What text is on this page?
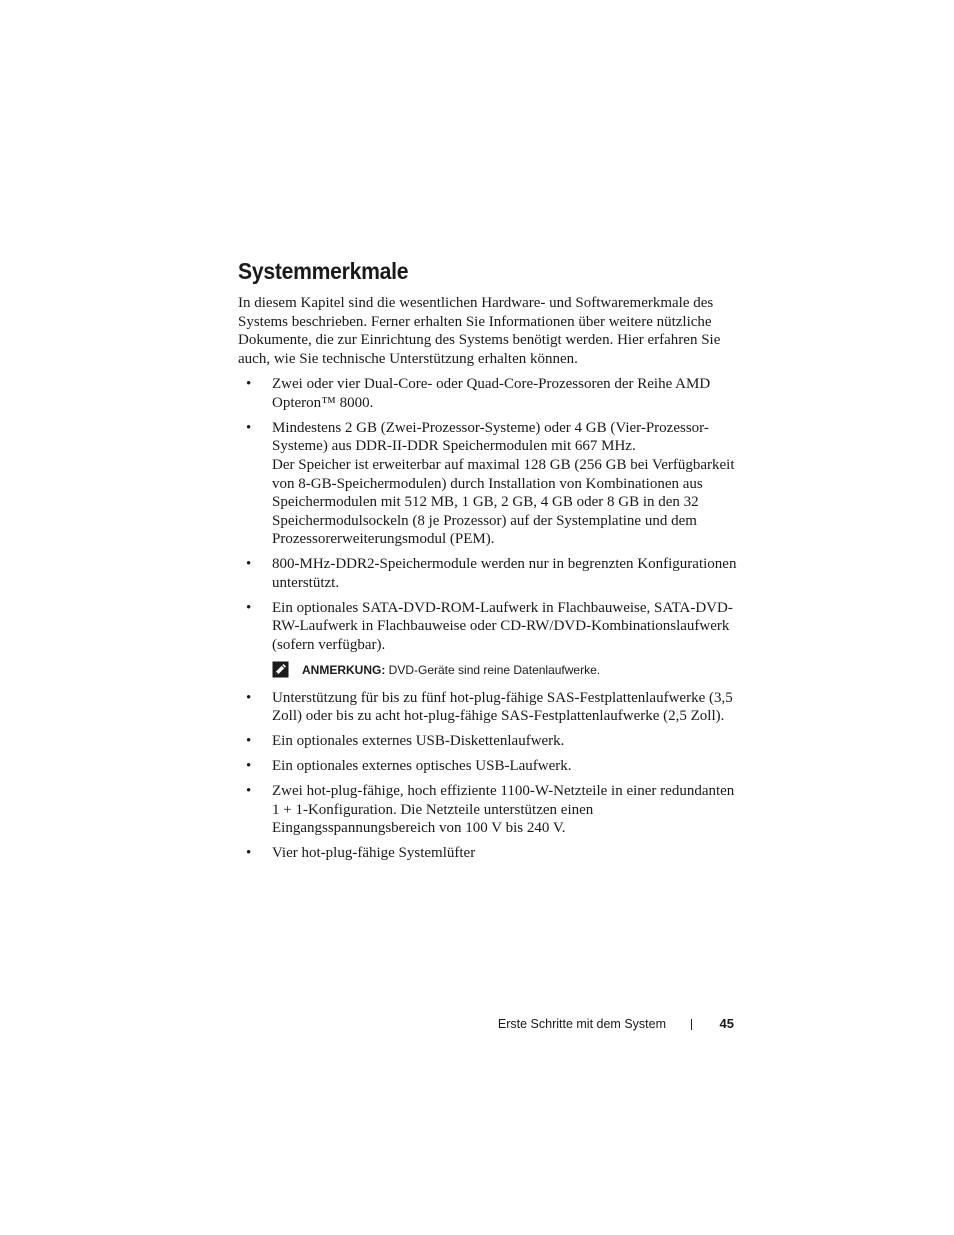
Systemmerkmale

In diesem Kapitel sind die wesentlichen Hardware- und Softwaremerkmale des Systems beschrieben. Ferner erhalten Sie Informationen über weitere nützliche Dokumente, die zur Einrichtung des Systems benötigt werden. Hier erfahren Sie auch, wie Sie technische Unterstützung erhalten können.

• Zwei oder vier Dual-Core- oder Quad-Core-Prozessoren der Reihe AMD Opteron™ 8000.
• Mindestens 2 GB (Zwei-Prozessor-Systeme) oder 4 GB (Vier-Prozessor-Systeme) aus DDR-II-DDR Speichermodulen mit 667 MHz.
Der Speicher ist erweiterbar auf maximal 128 GB (256 GB bei Verfügbarkeit von 8-GB-Speichermodulen) durch Installation von Kombinationen aus Speichermodulen mit 512 MB, 1 GB, 2 GB, 4 GB oder 8 GB in den 32 Speichermodulsockeln (8 je Prozessor) auf der Systemplatine und dem Prozessorerweiterungsmodul (PEM).
• 800-MHz-DDR2-Speichermodule werden nur in begrenzten Konfigurationen unterstützt.
• Ein optionales SATA-DVD-ROM-Laufwerk in Flachbauweise, SATA-DVD-RW-Laufwerk in Flachbauweise oder CD-RW/DVD-Kombinationslaufwerk (sofern verfügbar).
ANMERKUNG: DVD-Geräte sind reine Datenlaufwerke.
• Unterstützung für bis zu fünf hot-plug-fähige SAS-Festplattenlaufwerke (3,5 Zoll) oder bis zu acht hot-plug-fähige SAS-Festplattenlaufwerke (2,5 Zoll).
• Ein optionales externes USB-Diskettenlaufwerk.
• Ein optionales externes optisches USB-Laufwerk.
• Zwei hot-plug-fähige, hoch effiziente 1100-W-Netzteile in einer redundanten 1 + 1-Konfiguration. Die Netzteile unterstützen einen Eingangsspannungsbereich von 100 V bis 240 V.
• Vier hot-plug-fähige Systemlüfter
Erste Schritte mit dem System	45
